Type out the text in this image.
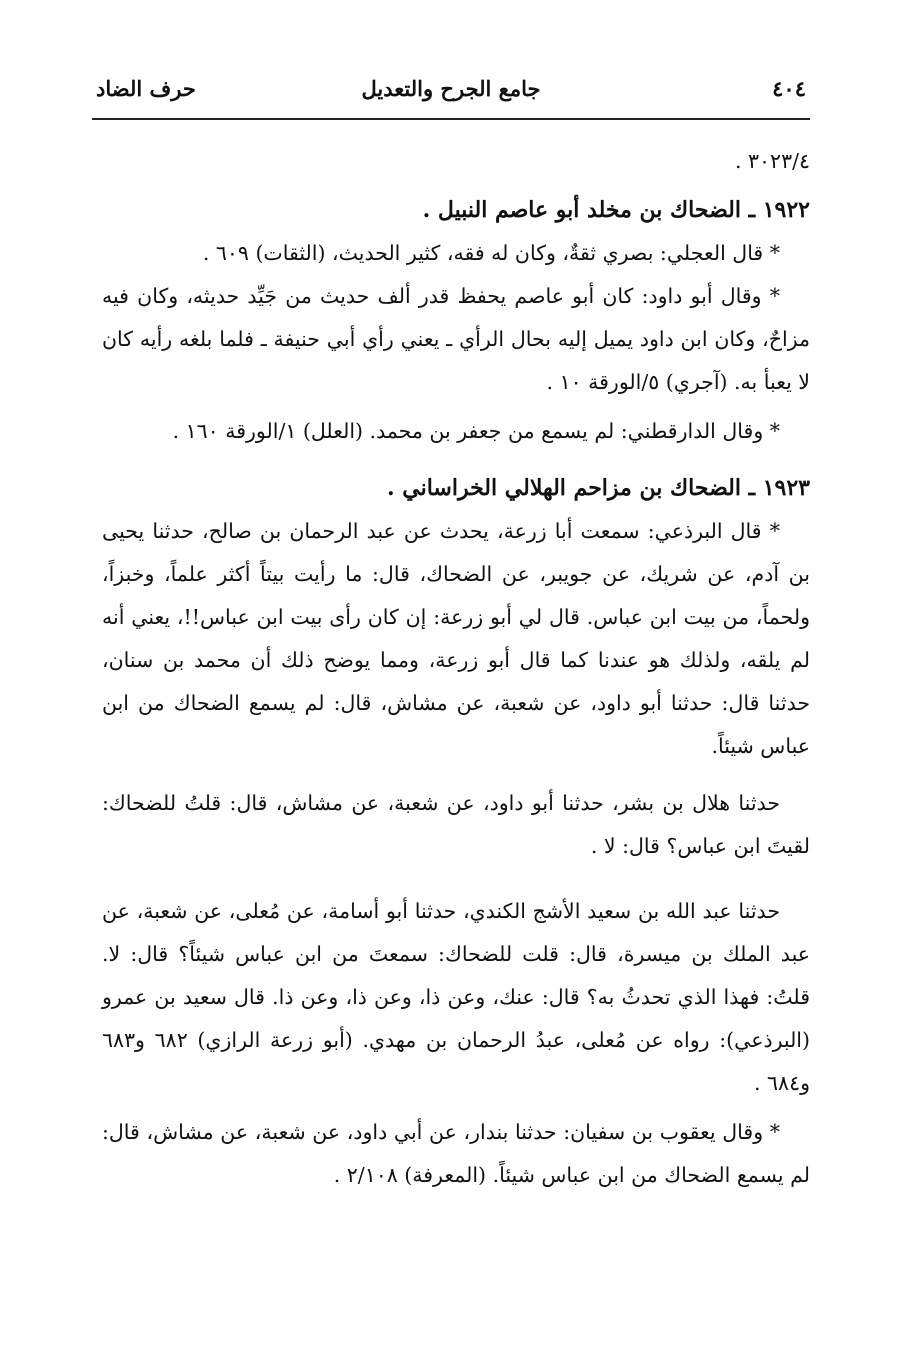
٤٠٤
جامع الجرح والتعديل
حرف الضاد

٣٠٢٣/٤ .

١٩٢٢ ـ الضحاك بن مخلد أبو عاصم النبيل .

* قال العجلي: بصري ثقةٌ، وكان له فقه، كثير الحديث، (الثقات) ٦٠٩ .

* وقال أبو داود: كان أبو عاصم يحفظ قدر ألف حديث من جَيِّد حديثه، وكان فيه مزاحٌ، وكان ابن داود يميل إليه بحال الرأي ـ يعني رأي أبي حنيفة ـ فلما بلغه رأيه كان لا يعبأ به. (آجري) ٥/الورقة ١٠ .

* وقال الدارقطني: لم يسمع من جعفر بن محمد. (العلل) ١/الورقة ١٦٠ .

١٩٢٣ ـ الضحاك بن مزاحم الهلالي الخراساني .

* قال البرذعي: سمعت أبا زرعة، يحدث عن عبد الرحمان بن صالح، حدثنا يحيى بن آدم، عن شريك، عن جويبر، عن الضحاك، قال: ما رأيت بيتاً أكثر علماً، وخبزاً، ولحماً، من بيت ابن عباس. قال لي أبو زرعة: إن كان رأى بيت ابن عباس!!، يعني أنه لم يلقه، ولذلك هو عندنا كما قال أبو زرعة، ومما يوضح ذلك أن محمد بن سنان، حدثنا قال: حدثنا أبو داود، عن شعبة، عن مشاش، قال: لم يسمع الضحاك من ابن عباس شيئاً.

حدثنا هلال بن بشر، حدثنا أبو داود، عن شعبة، عن مشاش، قال: قلتُ للضحاك: لقيتَ ابن عباس؟ قال: لا .

حدثنا عبد الله بن سعيد الأشج الكندي، حدثنا أبو أسامة، عن مُعلى، عن شعبة، عن عبد الملك بن ميسرة، قال: قلت للضحاك: سمعتَ من ابن عباس شيئاً؟ قال: لا. قلتُ: فهذا الذي تحدثُ به؟ قال: عنك، وعن ذا، وعن ذا، وعن ذا. قال سعيد بن عمرو (البرذعي): رواه عن مُعلى، عبدُ الرحمان بن مهدي. (أبو زرعة الرازي) ٦٨٢ و٦٨٣ و٦٨٤ .

* وقال يعقوب بن سفيان: حدثنا بندار، عن أبي داود، عن شعبة، عن مشاش، قال: لم يسمع الضحاك من ابن عباس شيئاً. (المعرفة) ٢/١٠٨ .
